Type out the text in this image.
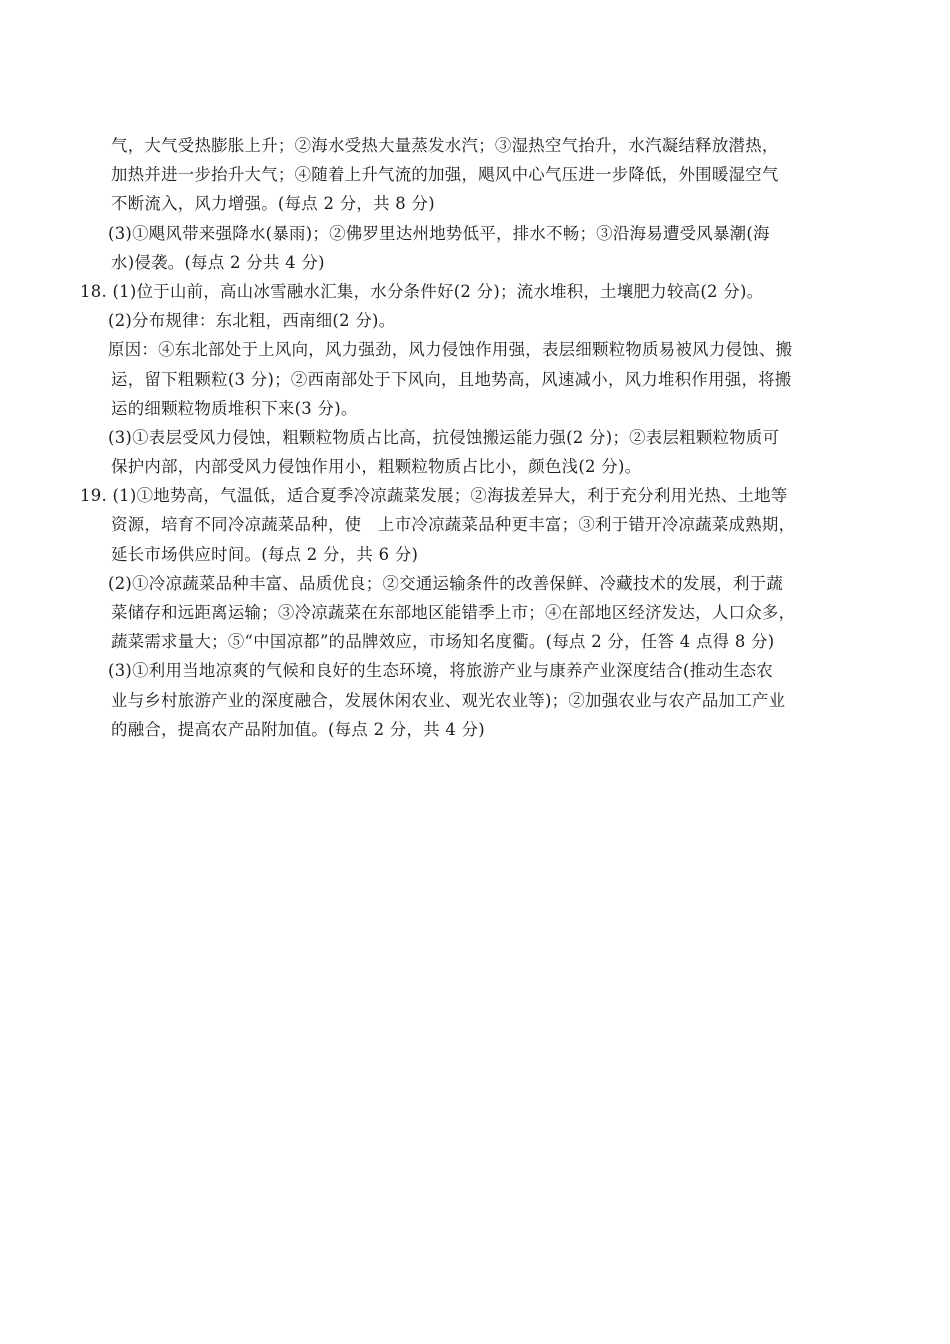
气，大气受热膨胀上升；②海水受热大量蒸发水汽；③湿热空气抬升，水汽凝结释放潜热，
加热并进一步抬升大气；④随着上升气流的加强，飓风中心气压进一步降低，外围暖湿空气
不断流入，风力增强。(每点 2 分，共 8 分)
(3)①飓风带来强降水(暴雨)；②佛罗里达州地势低平，排水不畅；③沿海易遭受风暴潮(海
水)侵袭。(每点 2 分共 4 分)
18. (1)位于山前，高山冰雪融水汇集，水分条件好(2 分)；流水堆积，土壤肥力较高(2 分)。
(2)分布规律：东北粗，西南细(2 分)。
原因：④东北部处于上风向，风力强劲，风力侵蚀作用强，表层细颗粒物质易被风力侵蚀、搬
运，留下粗颗粒(3 分)；②西南部处于下风向，且地势高，风速减小，风力堆积作用强，将搬
运的细颗粒物质堆积下来(3 分)。
(3)①表层受风力侵蚀，粗颗粒物质占比高，抗侵蚀搬运能力强(2 分)；②表层粗颗粒物质可
保护内部，内部受风力侵蚀作用小，粗颗粒物质占比小，颜色浅(2 分)。
19. (1)①地势高，气温低，适合夏季冷凉蔬菜发展；②海拔差异大，利于充分利用光热、土地等
资源，培育不同冷凉蔬菜品种，使　上市冷凉蔬菜品种更丰富；③利于错开冷凉蔬菜成熟期，
延长市场供应时间。(每点 2 分，共 6 分)
(2)①冷凉蔬菜品种丰富、品质优良；②交通运输条件的改善保鲜、冷藏技术的发展，利于蔬
菜储存和远距离运输；③冷凉蔬菜在东部地区能错季上市；④在部地区经济发达，人口众多，
蔬菜需求量大；⑤“中国凉都”的品牌效应，市场知名度衢。(每点 2 分，任答 4 点得 8 分)
(3)①利用当地凉爽的气候和良好的生态环境，将旅游产业与康养产业深度结合(推动生态农
业与乡村旅游产业的深度融合，发展休闲农业、观光农业等)；②加强农业与农产品加工产业
的融合，提高农产品附加值。(每点 2 分，共 4 分)
